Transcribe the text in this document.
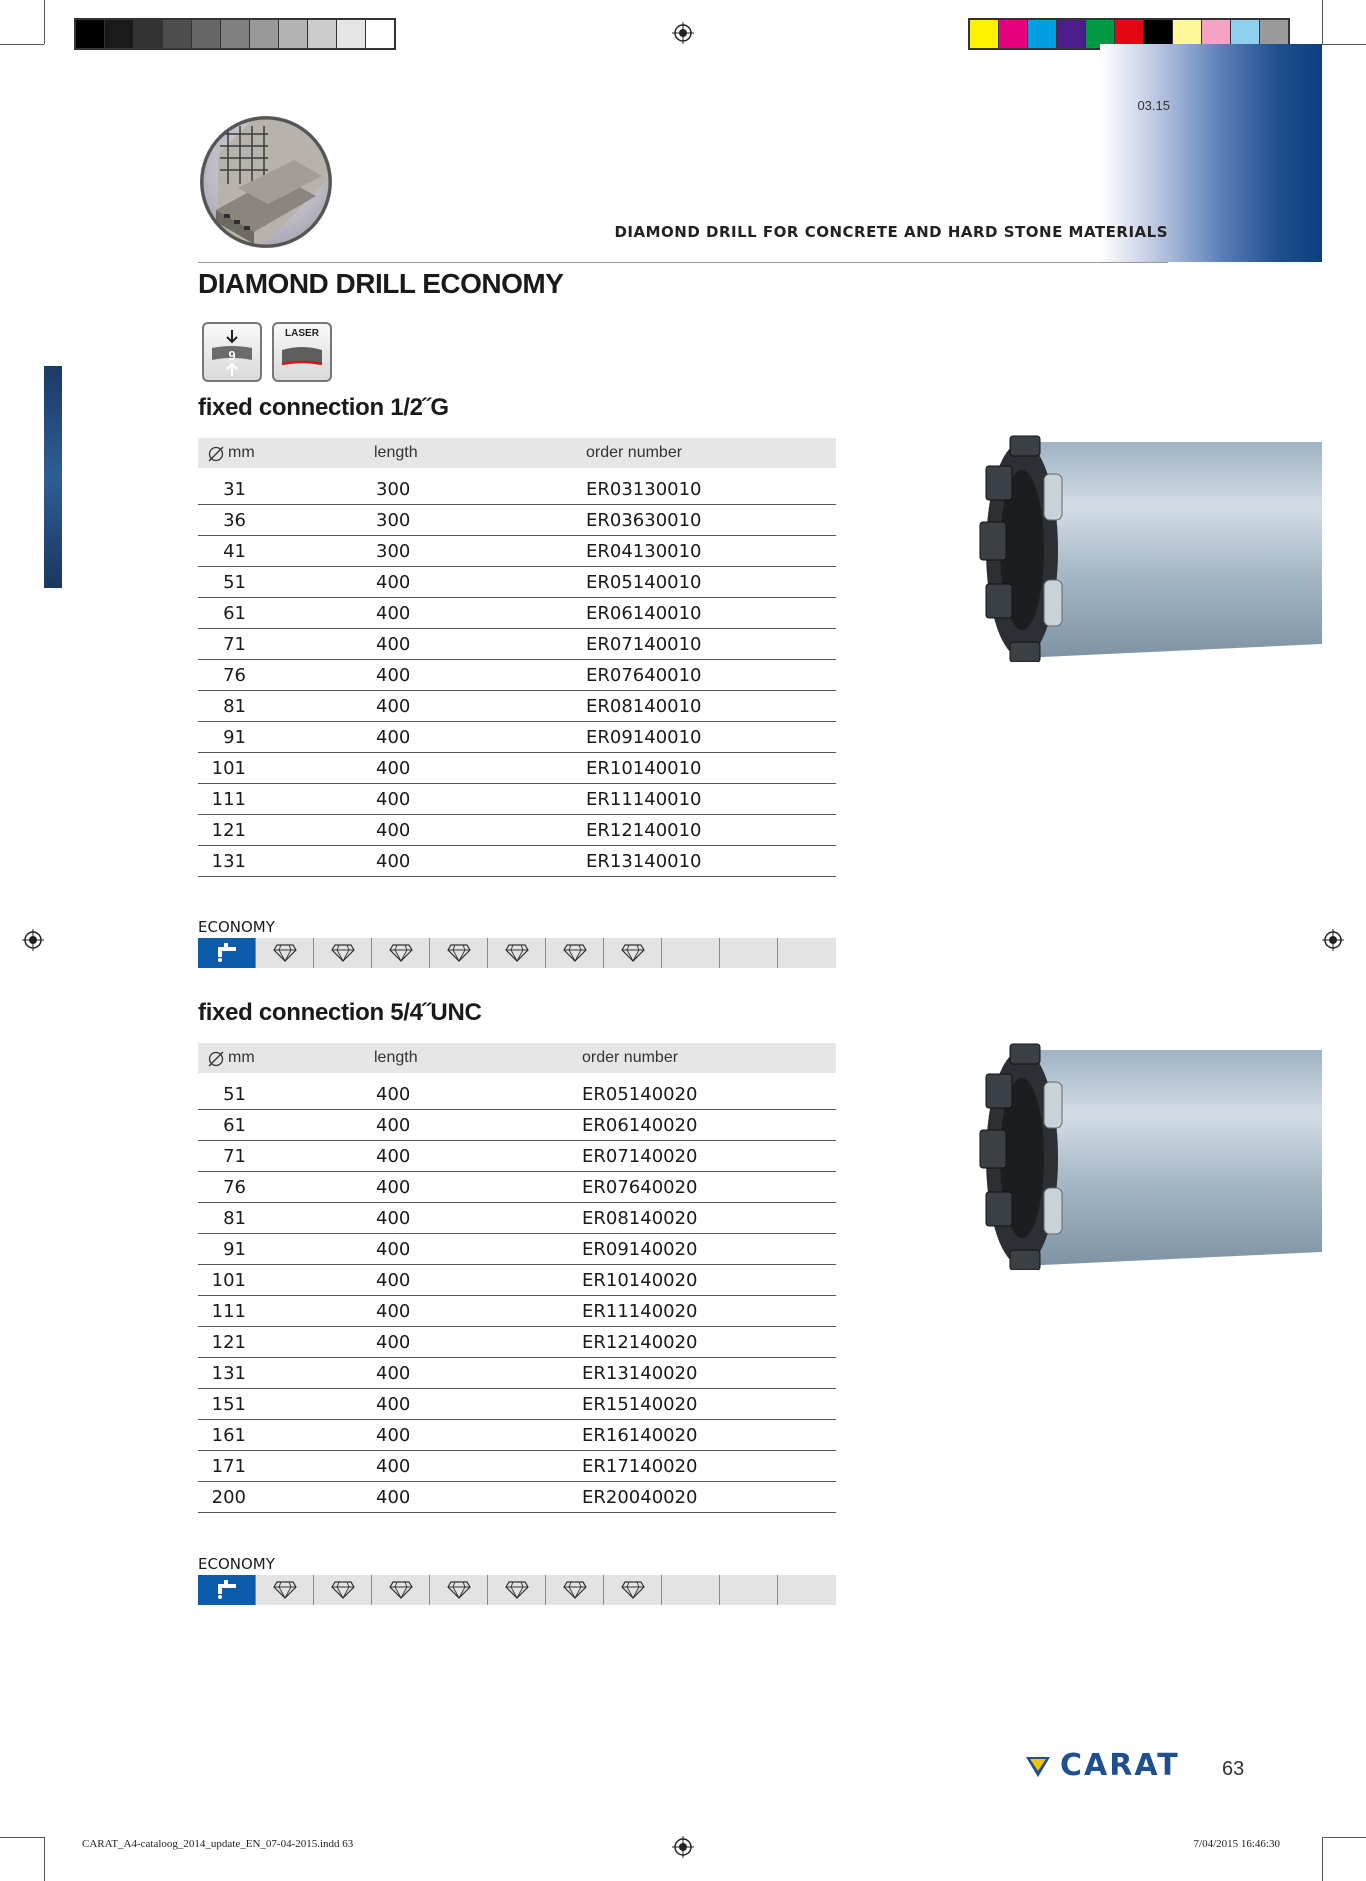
03.15
DIAMOND DRILL FOR CONCRETE AND HARD STONE MATERIALS
DIAMOND DRILL ECONOMY
9
LASER
fixed connection 1/2˝G
mm	length	order number
31	300	ER03130010
36	300	ER03630010
41	300	ER04130010
51	400	ER05140010
61	400	ER06140010
71	400	ER07140010
76	400	ER07640010
81	400	ER08140010
91	400	ER09140010
101	400	ER10140010
111	400	ER11140010
121	400	ER12140010
131	400	ER13140010
ECONOMY
fixed connection 5/4˝UNC
mm	length	order number
51	400	ER05140020
61	400	ER06140020
71	400	ER07140020
76	400	ER07640020
81	400	ER08140020
91	400	ER09140020
101	400	ER10140020
111	400	ER11140020
121	400	ER12140020
131	400	ER13140020
151	400	ER15140020
161	400	ER16140020
171	400	ER17140020
200	400	ER20040020
ECONOMY
CARAT 63
CARAT_A4-cataloog_2014_update_EN_07-04-2015.indd 63	7/04/2015 16:46:30
